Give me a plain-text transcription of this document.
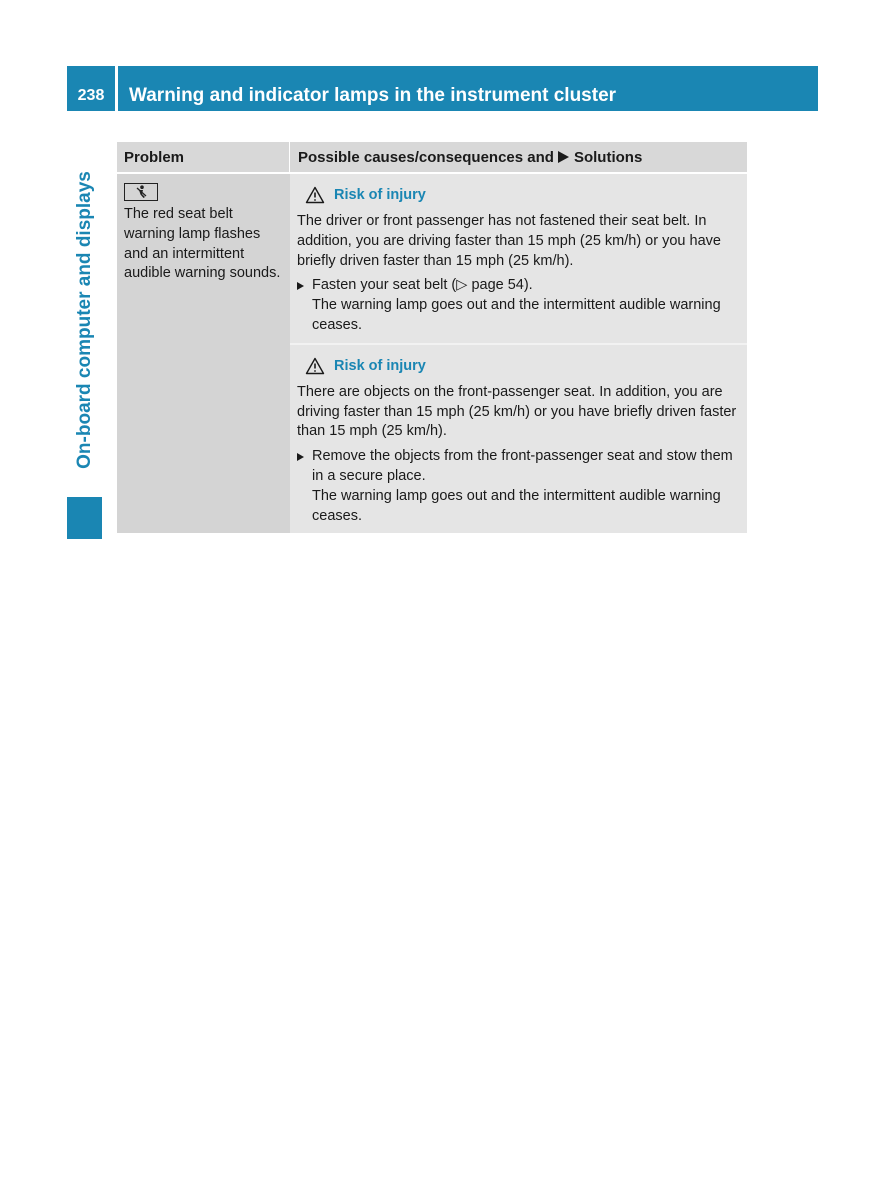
238	Warning and indicator lamps in the instrument cluster
On-board computer and displays
Problem	Possible causes/consequences and Solutions
The red seat belt warning lamp flashes and an intermittent audible warning sounds.
Risk of injury
The driver or front passenger has not fastened their seat belt. In addition, you are driving faster than 15 mph (25 km/h) or you have briefly driven faster than 15 mph (25 km/h).
Fasten your seat belt (▷ page 54).
The warning lamp goes out and the intermittent audible warning ceases.
Risk of injury
There are objects on the front-passenger seat. In addition, you are driving faster than 15 mph (25 km/h) or you have briefly driven faster than 15 mph (25 km/h).
Remove the objects from the front-passenger seat and stow them in a secure place.
The warning lamp goes out and the intermittent audible warning ceases.
